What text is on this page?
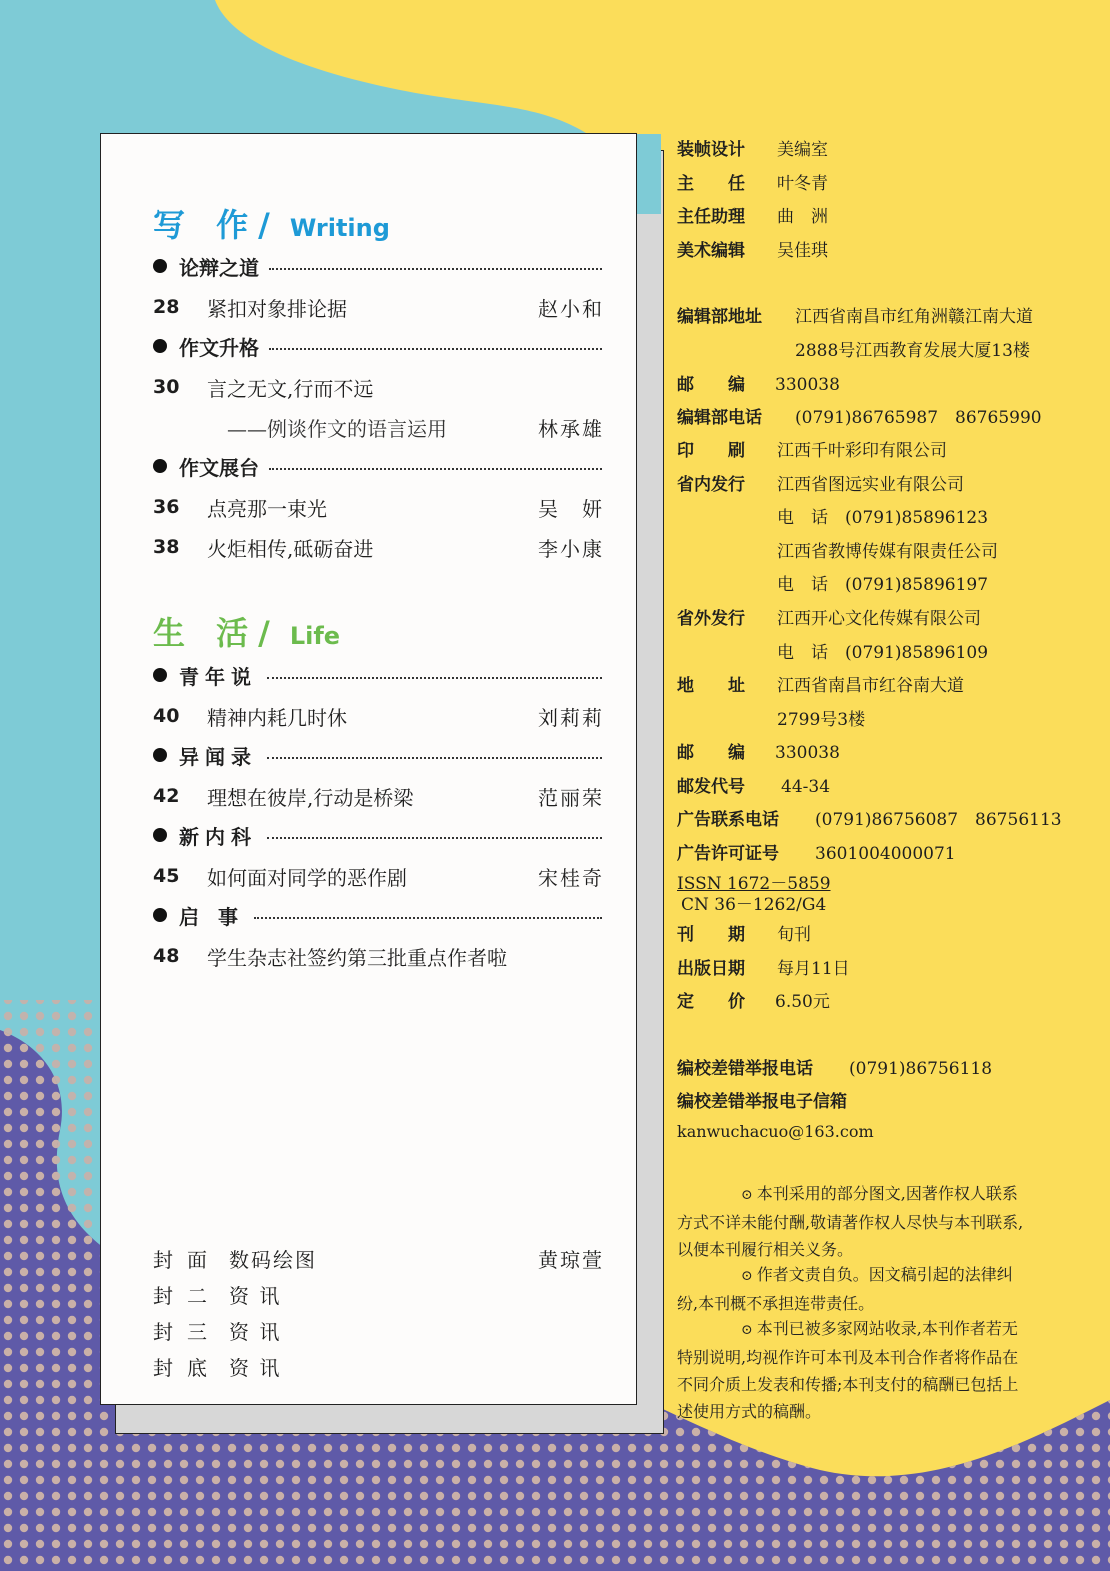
写 作/ Writing
论辩之道
28	紧扣对象排论据	赵小和
作文升格
30	言之无文,行而不远
——例谈作文的语言运用	林承雄
作文展台
36	点亮那一束光	吴　妍
38	火炬相传,砥砺奋进	李小康
生 活/ Life
青年说
40	精神内耗几时休	刘莉莉
异闻录
42	理想在彼岸,行动是桥梁	范丽荣
新内科
45	如何面对同学的恶作剧	宋桂奇
启 事
48	学生杂志社签约第三批重点作者啦
封面 数码绘图	黄琼萱
封二 资 讯
封三 资 讯
封底 资 讯
装帧设计 美编室
主　　任 叶冬青
主任助理 曲　洲
美术编辑 吴佳琪
编辑部地址 江西省南昌市红角洲赣江南大道
2888号江西教育发展大厦13楼
邮　　编 330038
编辑部电话 (0791)86765987　86765990
印　　刷 江西千叶彩印有限公司
省内发行 江西省图远实业有限公司
电　话　(0791)85896123
江西省教博传媒有限责任公司
电　话　(0791)85896197
省外发行 江西开心文化传媒有限公司
电　话　(0791)85896109
地　　址 江西省南昌市红谷南大道
2799号3楼
邮　　编 330038
邮发代号 44-34
广告联系电话 (0791)86756087　86756113
广告许可证号 3601004000071
ISSN 1672－5859
CN 36－1262/G4
刊　　期 旬刊
出版日期 每月11日
定　　价 6.50元
编校差错举报电话 (0791)86756118
编校差错举报电子信箱
kanwuchacuo@163.com
⊙ 本刊采用的部分图文,因著作权人联系方式不详未能付酬,敬请著作权人尽快与本刊联系,以便本刊履行相关义务。
⊙ 作者文责自负。因文稿引起的法律纠纷,本刊概不承担连带责任。
⊙ 本刊已被多家网站收录,本刊作者若无特别说明,均视作许可本刊及本刊合作者将作品在不同介质上发表和传播;本刊支付的稿酬已包括上述使用方式的稿酬。
